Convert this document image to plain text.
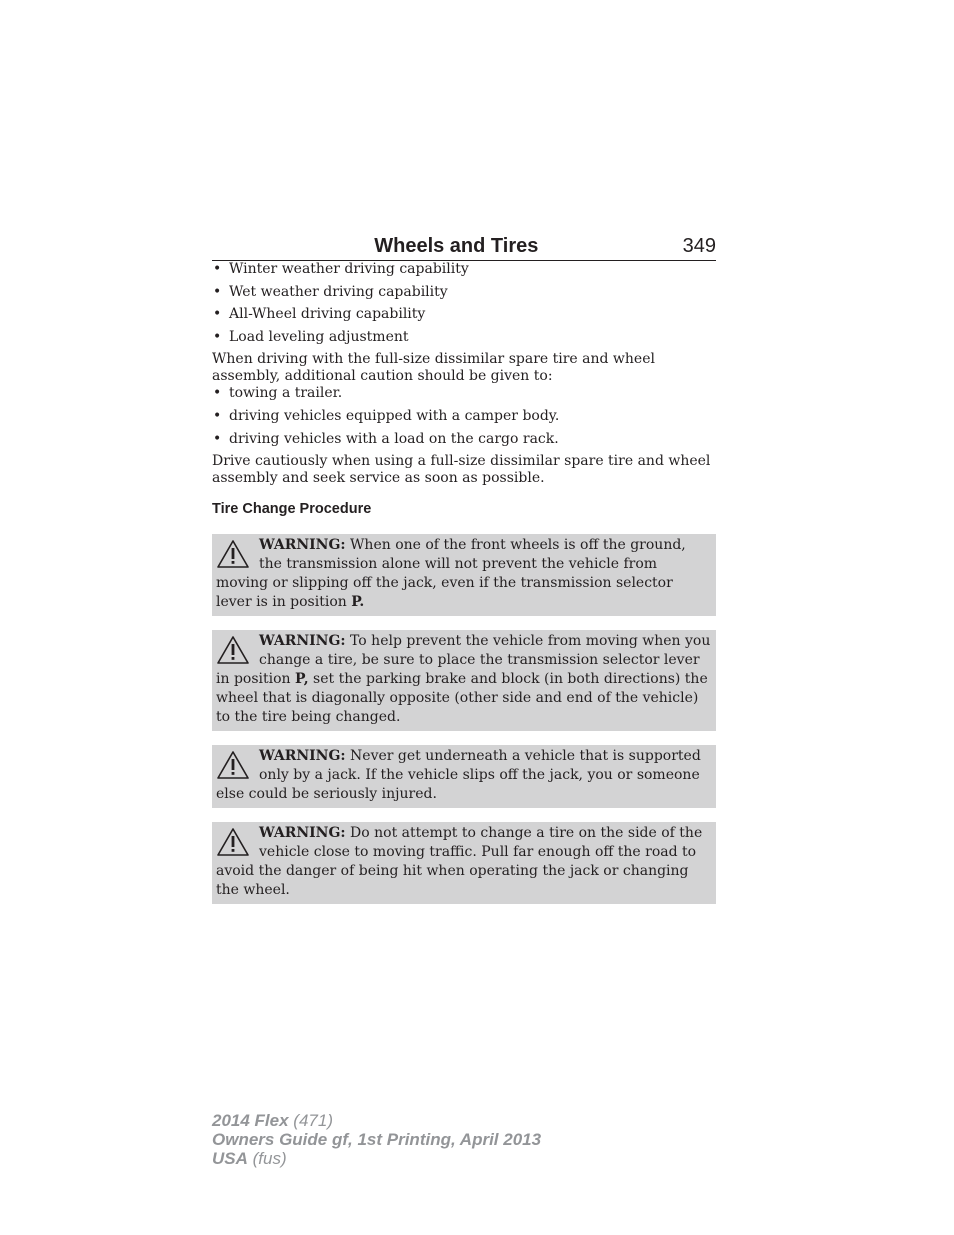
Wheels and Tires	349
• Winter weather driving capability
• Wet weather driving capability
• All-Wheel driving capability
• Load leveling adjustment

When driving with the full-size dissimilar spare tire and wheel assembly, additional caution should be given to:

• towing a trailer.
• driving vehicles equipped with a camper body.
• driving vehicles with a load on the cargo rack.

Drive cautiously when using a full-size dissimilar spare tire and wheel assembly and seek service as soon as possible.

Tire Change Procedure
WARNING: When one of the front wheels is off the ground, the transmission alone will not prevent the vehicle from moving or slipping off the jack, even if the transmission selector lever is in position P.
WARNING: To help prevent the vehicle from moving when you change a tire, be sure to place the transmission selector lever in position P, set the parking brake and block (in both directions) the wheel that is diagonally opposite (other side and end of the vehicle) to the tire being changed.
WARNING: Never get underneath a vehicle that is supported only by a jack. If the vehicle slips off the jack, you or someone else could be seriously injured.
WARNING: Do not attempt to change a tire on the side of the vehicle close to moving traffic. Pull far enough off the road to avoid the danger of being hit when operating the jack or changing the wheel.
2014 Flex (471)
Owners Guide gf, 1st Printing, April 2013
USA (fus)
